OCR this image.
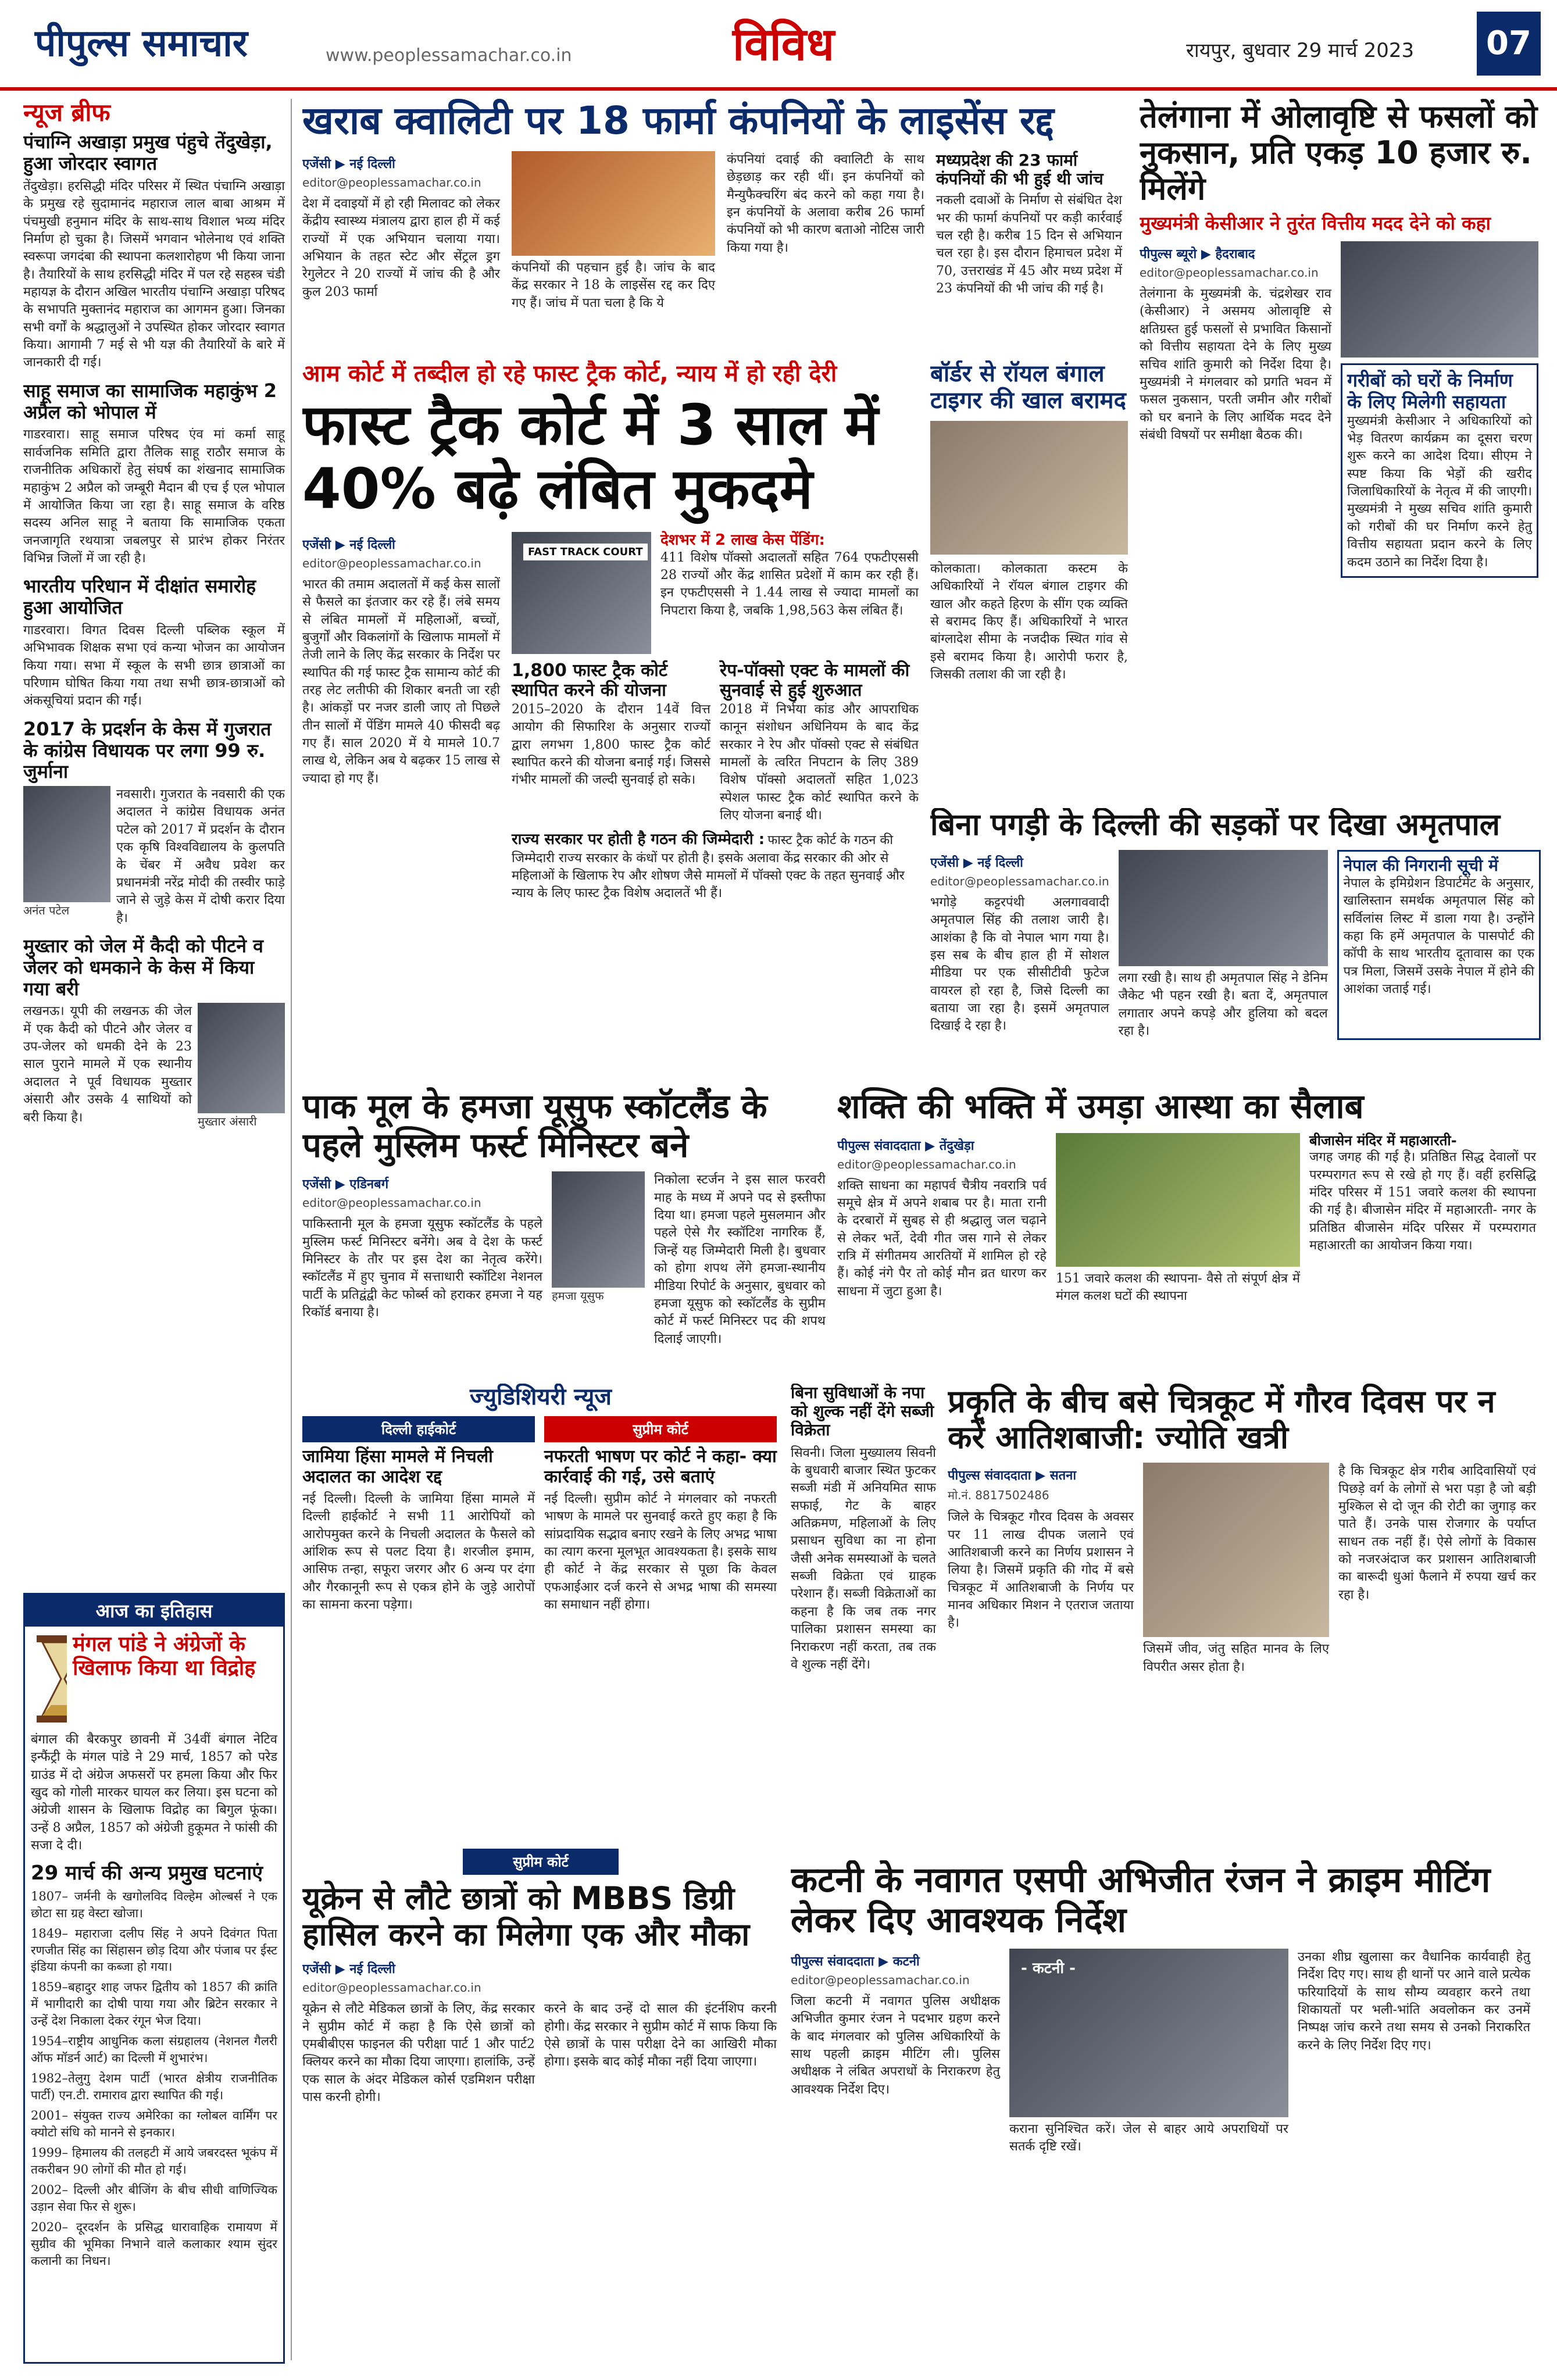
पीपुल्स समाचार	www.peoplessamachar.co.in	विविध	रायपुर, बुधवार 29 मार्च 2023 07
न्यूज ब्रीफ
पंचाग्नि अखाड़ा प्रमुख पंहुचे तेंदुखेड़ा, हुआ जोरदार स्वागत
तेंदुखेड़ा। हरसिद्धी मंदिर परिसर में स्थित पंचाग्नि अखाड़ा के प्रमुख रहे सुदामानंद महाराज लाल बाबा आश्रम में पंचमुखी हनुमान मंदिर के साथ-साथ विशाल भव्य मंदिर निर्माण हो चुका है। जिसमें भगवान भोलेनाथ एवं शक्ति स्वरूपा जगदंबा की स्थापना कलशारोहण भी किया जाना है। तैयारियों के साथ हरसिद्धी मंदिर में पल रहे सहस्त्र चंडी महायज्ञ के दौरान अखिल भारतीय पंचाग्नि अखाड़ा परिषद के सभापति मुक्तानंद महाराज का आगमन हुआ। जिनका सभी वर्गों के श्रद्धालुओं ने उपस्थित होकर जोरदार स्वागत किया। आगामी 7 मई से भी यज्ञ की तैयारियों के बारे में जानकारी दी गई।
साहू समाज का सामाजिक महाकुंभ 2 अप्रैल को भोपाल में
गाडरवारा। साहू समाज परिषद एंव मां कर्मा साहू सार्वजनिक समिति द्वारा तैलिक साहू राठौर समाज के राजनीतिक अधिकारों हेतु संघर्ष का शंखनाद सामाजिक महाकुंभ 2 अप्रैल को जम्बूरी मैदान बी एच ई एल भोपाल में आयोजित किया जा रहा है। साहू समाज के वरिष्ठ सदस्य अनिल साहू ने बताया कि सामाजिक एकता जनजागृति रथयात्रा जबलपुर से प्रारंभ होकर निरंतर विभिन्न जिलों में जा रही है।
भारतीय परिधान में दीक्षांत समारोह हुआ आयोजित
गाडरवारा। विगत दिवस दिल्ली पब्लिक स्कूल में अभिभावक शिक्षक सभा एवं कन्या भोजन का आयोजन किया गया। सभा में स्कूल के सभी छात्र छात्राओं का परिणाम घोषित किया गया तथा सभी छात्र-छात्राओं को अंकसूचियां प्रदान की गईं।
2017 के प्रदर्शन के केस में गुजरात के कांग्रेस विधायक पर लगा 99 रु. जुर्माना
अनंत पटेल
नवसारी। गुजरात के नवसारी की एक अदालत ने कांग्रेस विधायक अनंत पटेल को 2017 में प्रदर्शन के दौरान एक कृषि विश्वविद्यालय के कुलपति के चेंबर में अवैध प्रवेश कर प्रधानमंत्री नरेंद्र मोदी की तस्वीर फाड़े जाने से जुड़े केस में दोषी करार दिया है।
मुख्तार को जेल में कैदी को पीटने व जेलर को धमकाने के केस में किया गया बरी
लखनऊ। यूपी की लखनऊ की जेल में एक कैदी को पीटने और जेलर व उप-जेलर को धमकी देने के 23 साल पुराने मामले में एक स्थानीय अदालत ने पूर्व विधायक मुख्तार अंसारी और उसके 4 साथियों को बरी किया है।	मुख्तार अंसारी
आज का इतिहास
मंगल पांडे ने अंग्रेजों के खिलाफ किया था विद्रोह
बंगाल की बैरकपुर छावनी में 34वीं बंगाल नेटिव इन्फैंट्री के मंगल पांडे ने 29 मार्च, 1857 को परेड ग्राउंड में दो अंग्रेज अफसरों पर हमला किया और फिर खुद को गोली मारकर घायल कर लिया। इस घटना को अंग्रेजी शासन के खिलाफ विद्रोह का बिगुल फूंका। उन्हें 8 अप्रैल, 1857 को अंग्रेजी हुकूमत ने फांसी की सजा दे दी।
29 मार्च की अन्य प्रमुख घटनाएं
1807– जर्मनी के खगोलविद विल्हेम ओल्बर्स ने एक छोटा सा ग्रह वेस्टा खोजा।
1849– महाराजा दलीप सिंह ने अपने दिवंगत पिता रणजीत सिंह का सिंहासन छोड़ दिया और पंजाब पर ईस्ट इंडिया कंपनी का कब्जा हो गया।
1859–बहादुर शाह जफर द्वितीय को 1857 की क्रांति में भागीदारी का दोषी पाया गया और ब्रिटेन सरकार ने उन्हें देश निकाला देकर रंगून भेज दिया।
1954–राष्ट्रीय आधुनिक कला संग्रहालय (नेशनल गैलरी ऑफ मॉडर्न आर्ट) का दिल्ली में शुभारंभ।
1982–तेलुगु देशम पार्टी (भारत क्षेत्रीय राजनीतिक पार्टी) एन.टी. रामाराव द्वारा स्थापित की गई।
2001– संयुक्त राज्य अमेरिका का ग्लोबल वार्मिंग पर क्योटो संधि को मानने से इनकार।
1999– हिमालय की तलहटी में आये जबरदस्त भूकंप में तकरीबन 90 लोगों की मौत हो गई।
2002– दिल्ली और बीजिंग के बीच सीधी वाणिज्यिक उड़ान सेवा फिर से शुरू।
2020– दूरदर्शन के प्रसिद्ध धारावाहिक रामायण में सुग्रीव की भूमिका निभाने वाले कलाकार श्याम सुंदर कलानी का निधन।
खराब क्वालिटी पर 18 फार्मा कंपनियों के लाइसेंस रद्द
एजेंसी ▶ नई दिल्ली
editor@peoplessamachar.co.in
देश में दवाइयों में हो रही मिलावट को लेकर केंद्रीय स्वास्थ्य मंत्रालय द्वारा हाल ही में कई राज्यों में एक अभियान चलाया गया। अभियान के तहत स्टेट और सेंट्रल ड्रग रेगुलेटर ने 20 राज्यों में जांच की है और कुल 203 फार्मा
कंपनियों की पहचान हुई है। जांच के बाद केंद्र सरकार ने 18 के लाइसेंस रद्द कर दिए गए हैं। जांच में पता चला है कि ये
कंपनियां दवाई की क्वालिटी के साथ छेड़छाड़ कर रही थीं। इन कंपनियों को मैन्युफैक्चरिंग बंद करने को कहा गया है। इन कंपनियों के अलावा करीब 26 फार्मा कंपनियों को भी कारण बताओ नोटिस जारी किया गया है।
मध्यप्रदेश की 23 फार्मा कंपनियों की भी हुई थी जांच
नकली दवाओं के निर्माण से संबंधित देश भर की फार्मा कंपनियों पर कड़ी कार्रवाई चल रही है। करीब 15 दिन से अभियान चल रहा है। इस दौरान हिमाचल प्रदेश में 70, उत्तराखंड में 45 और मध्य प्रदेश में 23 कंपनियों की भी जांच की गई है।
आम कोर्ट में तब्दील हो रहे फास्ट ट्रैक कोर्ट, न्याय में हो रही देरी
फास्ट ट्रैक कोर्ट में 3 साल में 40% बढ़े लंबित मुकदमे
एजेंसी ▶ नई दिल्ली
editor@peoplessamachar.co.in
भारत की तमाम अदालतों में कई केस सालों से फैसले का इंतजार कर रहे हैं। लंबे समय से लंबित मामलों में महिलाओं, बच्चों, बुजुर्गों और विकलांगों के खिलाफ मामलों में तेजी लाने के लिए केंद्र सरकार के निर्देश पर स्थापित की गई फास्ट ट्रैक सामान्य कोर्ट की तरह लेट लतीफी की शिकार बनती जा रही है। आंकड़ों पर नजर डाली जाए तो पिछले तीन सालों में पेंडिंग मामले 40 फीसदी बढ़ गए हैं। साल 2020 में ये मामले 10.7 लाख थे, लेकिन अब ये बढ़कर 15 लाख से ज्यादा हो गए हैं।
FAST TRACK COURT
देशभर में 2 लाख केस पेंडिंग:
411 विशेष पॉक्सो अदालतों सहित 764 एफटीएससी 28 राज्यों और केंद्र शासित प्रदेशों में काम कर रही हैं। इन एफटीएससी ने 1.44 लाख से ज्यादा मामलों का निपटारा किया है, जबकि 1,98,563 केस लंबित हैं।
1,800 फास्ट ट्रैक कोर्ट स्थापित करने की योजना
2015–2020 के दौरान 14वें वित्त आयोग की सिफारिश के अनुसार राज्यों द्वारा लगभग 1,800 फास्ट ट्रैक कोर्ट स्थापित करने की योजना बनाई गई। जिससे गंभीर मामलों की जल्दी सुनवाई हो सके।
रेप-पॉक्सो एक्ट के मामलों की सुनवाई से हुई शुरुआत
2018 में निर्भया कांड और आपराधिक कानून संशोधन अधिनियम के बाद केंद्र सरकार ने रेप और पॉक्सो एक्ट से संबंधित मामलों के त्वरित निपटान के लिए 389 विशेष पॉक्सो अदालतों सहित 1,023 स्पेशल फास्ट ट्रैक कोर्ट स्थापित करने के लिए योजना बनाई थी।
राज्य सरकार पर होती है गठन की जिम्मेदारी : फास्ट ट्रैक कोर्ट के गठन की जिम्मेदारी राज्य सरकार के कंधों पर होती है। इसके अलावा केंद्र सरकार की ओर से महिलाओं के खिलाफ रेप और शोषण जैसे मामलों में पॉक्सो एक्ट के तहत सुनवाई और न्याय के लिए फास्ट ट्रैक विशेष अदालतें भी हैं।
बॉर्डर से रॉयल बंगाल टाइगर की खाल बरामद
कोलकाता। कोलकाता कस्टम के अधिकारियों ने रॉयल बंगाल टाइगर की खाल और कहते हिरण के सींग एक व्यक्ति से बरामद किए हैं। अधिकारियों ने भारत बांग्लादेश सीमा के नजदीक स्थित गांव से इसे बरामद किया है। आरोपी फरार है, जिसकी तलाश की जा रही है।
तेलंगाना में ओलावृष्टि से फसलों को नुकसान, प्रति एकड़ 10 हजार रु. मिलेंगे
मुख्यमंत्री केसीआर ने तुरंत वित्तीय मदद देने को कहा
पीपुल्स ब्यूरो ▶ हैदराबाद
editor@peoplessamachar.co.in
तेलंगाना के मुख्यमंत्री के. चंद्रशेखर राव (केसीआर) ने असमय ओलावृष्टि से क्षतिग्रस्त हुई फसलों से प्रभावित किसानों को वित्तीय सहायता देने के लिए मुख्य सचिव शांति कुमारी को निर्देश दिया है। मुख्यमंत्री ने मंगलवार को प्रगति भवन में फसल नुकसान, परती जमीन और गरीबों को घर बनाने के लिए आर्थिक मदद देने संबंधी विषयों पर समीक्षा बैठक की।
गरीबों को घरों के निर्माण के लिए मिलेगी सहायता
मुख्यमंत्री केसीआर ने अधिकारियों को भेड़ वितरण कार्यक्रम का दूसरा चरण शुरू करने का आदेश दिया। सीएम ने स्पष्ट किया कि भेड़ों की खरीद जिलाधिकारियों के नेतृत्व में की जाएगी। मुख्यमंत्री ने मुख्य सचिव शांति कुमारी को गरीबों की घर निर्माण करने हेतु वित्तीय सहायता प्रदान करने के लिए कदम उठाने का निर्देश दिया है।
बिना पगड़ी के दिल्ली की सड़कों पर दिखा अमृतपाल
एजेंसी ▶ नई दिल्ली
editor@peoplessamachar.co.in
भगोड़े कट्टरपंथी अलगाववादी अमृतपाल सिंह की तलाश जारी है। आशंका है कि वो नेपाल भाग गया है। इस सब के बीच हाल ही में सोशल मीडिया पर एक सीसीटीवी फुटेज वायरल हो रहा है, जिसे दिल्ली का बताया जा रहा है। इसमें अमृतपाल दिखाई दे रहा है।
लगा रखी है। साथ ही अमृतपाल सिंह ने डेनिम जैकेट भी पहन रखी है। बता दें, अमृतपाल लगातार अपने कपड़े और हुलिया को बदल रहा है।
नेपाल की निगरानी सूची में
नेपाल के इमिग्रेशन डिपार्टमेंट के अनुसार, खालिस्तान समर्थक अमृतपाल सिंह को सर्विलांस लिस्ट में डाला गया है। उन्होंने कहा कि हमें अमृतपाल के पासपोर्ट की कॉपी के साथ भारतीय दूतावास का एक पत्र मिला, जिसमें उसके नेपाल में होने की आशंका जताई गई।
पाक मूल के हमजा यूसुफ स्कॉटलैंड के पहले मुस्लिम फर्स्ट मिनिस्टर बने
एजेंसी ▶ एडिनबर्ग
editor@peoplessamachar.co.in
पाकिस्तानी मूल के हमजा यूसुफ स्कॉटलैंड के पहले मुस्लिम फर्स्ट मिनिस्टर बनेंगे। अब वे देश के फर्स्ट मिनिस्टर के तौर पर इस देश का नेतृत्व करेंगे। स्कॉटलैंड में हुए चुनाव में सत्ताधारी स्कॉटिश नेशनल पार्टी के प्रतिद्वंद्वी केट फोर्ब्स को हराकर हमजा ने यह रिकॉर्ड बनाया है।
हमजा यूसुफ
निकोला स्टर्जन ने इस साल फरवरी माह के मध्य में अपने पद से इस्तीफा दिया था। हमजा पहले मुसलमान और पहले ऐसे गैर स्कॉटिश नागरिक हैं, जिन्हें यह जिम्मेदारी मिली है। बुधवार को होगा शपथ लेंगे हमजा-स्थानीय मीडिया रिपोर्ट के अनुसार, बुधवार को हमजा यूसुफ को स्कॉटलैंड के सुप्रीम कोर्ट में फर्स्ट मिनिस्टर पद की शपथ दिलाई जाएगी।
शक्ति की भक्ति में उमड़ा आस्था का सैलाब
पीपुल्स संवाददाता ▶ तेंदुखेड़ा
editor@peoplessamachar.co.in
शक्ति साधना का महापर्व चैत्रीय नवरात्रि पर्व समूचे क्षेत्र में अपने शबाब पर है। माता रानी के दरबारों में सुबह से ही श्रद्धालु जल चढ़ाने से लेकर भर्ते, देवी गीत जस गाने से लेकर रात्रि में संगीतमय आरतियों में शामिल हो रहे हैं। कोई नंगे पैर तो कोई मौन व्रत धारण कर साधना में जुटा हुआ है।
151 जवारे कलश की स्थापना- वैसे तो संपूर्ण क्षेत्र में मंगल कलश घटों की स्थापना
बीजासेन मंदिर में महाआरती-
जगह जगह की गई है। प्रतिष्ठित सिद्ध देवालों पर परम्परागत रूप से रखे हो गए हैं। वहीं हरसिद्धि मंदिर परिसर में 151 जवारे कलश की स्थापना की गई है। बीजासेन मंदिर में महाआरती- नगर के प्रतिष्ठित बीजासेन मंदिर परिसर में परम्परागत महाआरती का आयोजन किया गया।
ज्युडिशियरी न्यूज
दिल्ली हाईकोर्ट
जामिया हिंसा मामले में निचली अदालत का आदेश रद्द
नई दिल्ली। दिल्ली के जामिया हिंसा मामले में दिल्ली हाईकोर्ट ने सभी 11 आरोपियों को आरोपमुक्त करने के निचली अदालत के फैसले को आंशिक रूप से पलट दिया है। शरजील इमाम, आसिफ तन्हा, सफूरा जरगर और 6 अन्य पर दंगा और गैरकानूनी रूप से एकत्र होने के जुड़े आरोपों का सामना करना पड़ेगा।
सुप्रीम कोर्ट
नफरती भाषण पर कोर्ट ने कहा- क्या कार्रवाई की गई, उसे बताएं
नई दिल्ली। सुप्रीम कोर्ट ने मंगलवार को नफरती भाषण के मामले पर सुनवाई करते हुए कहा है कि सांप्रदायिक सद्भाव बनाए रखने के लिए अभद्र भाषा का त्याग करना मूलभूत आवश्यकता है। इसके साथ ही कोर्ट ने केंद्र सरकार से पूछा कि केवल एफआईआर दर्ज करने से अभद्र भाषा की समस्या का समाधान नहीं होगा।
बिना सुविधाओं के नपा को शुल्क नहीं देंगे सब्जी विक्रेता
सिवनी। जिला मुख्यालय सिवनी के बुधवारी बाजार स्थित फुटकर सब्जी मंडी में अनियमित साफ सफाई, गेट के बाहर अतिक्रमण, महिलाओं के लिए प्रसाधन सुविधा का ना होना जैसी अनेक समस्याओं के चलते सब्जी विक्रेता एवं ग्राहक परेशान हैं। सब्जी विक्रेताओं का कहना है कि जब तक नगर पालिका प्रशासन समस्या का निराकरण नहीं करता, तब तक वे शुल्क नहीं देंगे।
प्रकृति के बीच बसे चित्रकूट में गौरव दिवस पर न करें आतिशबाजी: ज्योति खत्री
पीपुल्स संवाददाता ▶ सतना
मो.नं. 8817502486
जिले के चित्रकूट गौरव दिवस के अवसर पर 11 लाख दीपक जलाने एवं आतिशबाजी करने का निर्णय प्रशासन ने लिया है। जिसमें प्रकृति की गोद में बसे चित्रकूट में आतिशबाजी के निर्णय पर मानव अधिकार मिशन ने एतराज जताया है।
जिसमें जीव, जंतु सहित मानव के लिए विपरीत असर होता है।
है कि चित्रकूट क्षेत्र गरीब आदिवासियों एवं पिछड़े वर्ग के लोगों से भरा पड़ा है जो बड़ी मुश्किल से दो जून की रोटी का जुगाड़ कर पाते हैं। उनके पास रोजगार के पर्याप्त साधन तक नहीं हैं। ऐसे लोगों के विकास को नजरअंदाज कर प्रशासन आतिशबाजी का बारूदी धुआं फैलाने में रुपया खर्च कर रहा है।
सुप्रीम कोर्ट
यूक्रेन से लौटे छात्रों को MBBS डिग्री हासिल करने का मिलेगा एक और मौका
एजेंसी ▶ नई दिल्ली
editor@peoplessamachar.co.in
यूक्रेन से लौटे मेडिकल छात्रों के लिए, केंद्र सरकार ने सुप्रीम कोर्ट में कहा है कि ऐसे छात्रों को एमबीबीएस फाइनल की परीक्षा पार्ट 1 और पार्ट2 क्लियर करने का मौका दिया जाएगा। हालांकि, उन्हें एक साल के अंदर मेडिकल कोर्स एडमिशन परीक्षा पास करनी होगी।
करने के बाद उन्हें दो साल की इंटर्नशिप करनी होगी। केंद्र सरकार ने सुप्रीम कोर्ट में साफ किया कि ऐसे छात्रों के पास परीक्षा देने का आखिरी मौका होगा। इसके बाद कोई मौका नहीं दिया जाएगा।
कटनी के नवागत एसपी अभिजीत रंजन ने क्राइम मीटिंग लेकर दिए आवश्यक निर्देश
पीपुल्स संवाददाता ▶ कटनी
editor@peoplessamachar.co.in
जिला कटनी में नवागत पुलिस अधीक्षक अभिजीत कुमार रंजन ने पदभार ग्रहण करने के बाद मंगलवार को पुलिस अधिकारियों के साथ पहली क्राइम मीटिंग ली। पुलिस अधीक्षक ने लंबित अपराधों के निराकरण हेतु आवश्यक निर्देश दिए।
- कटनी -
कराना सुनिश्चित करें। जेल से बाहर आये अपराधियों पर सतर्क दृष्टि रखें।
उनका शीघ्र खुलासा कर वैधानिक कार्यवाही हेतु निर्देश दिए गए। साथ ही थानों पर आने वाले प्रत्येक फरियादियों के साथ सौम्य व्यवहार करने तथा शिकायतों पर भली-भांति अवलोकन कर उनमें निष्पक्ष जांच करने तथा समय से उनको निराकरित करने के लिए निर्देश दिए गए।
